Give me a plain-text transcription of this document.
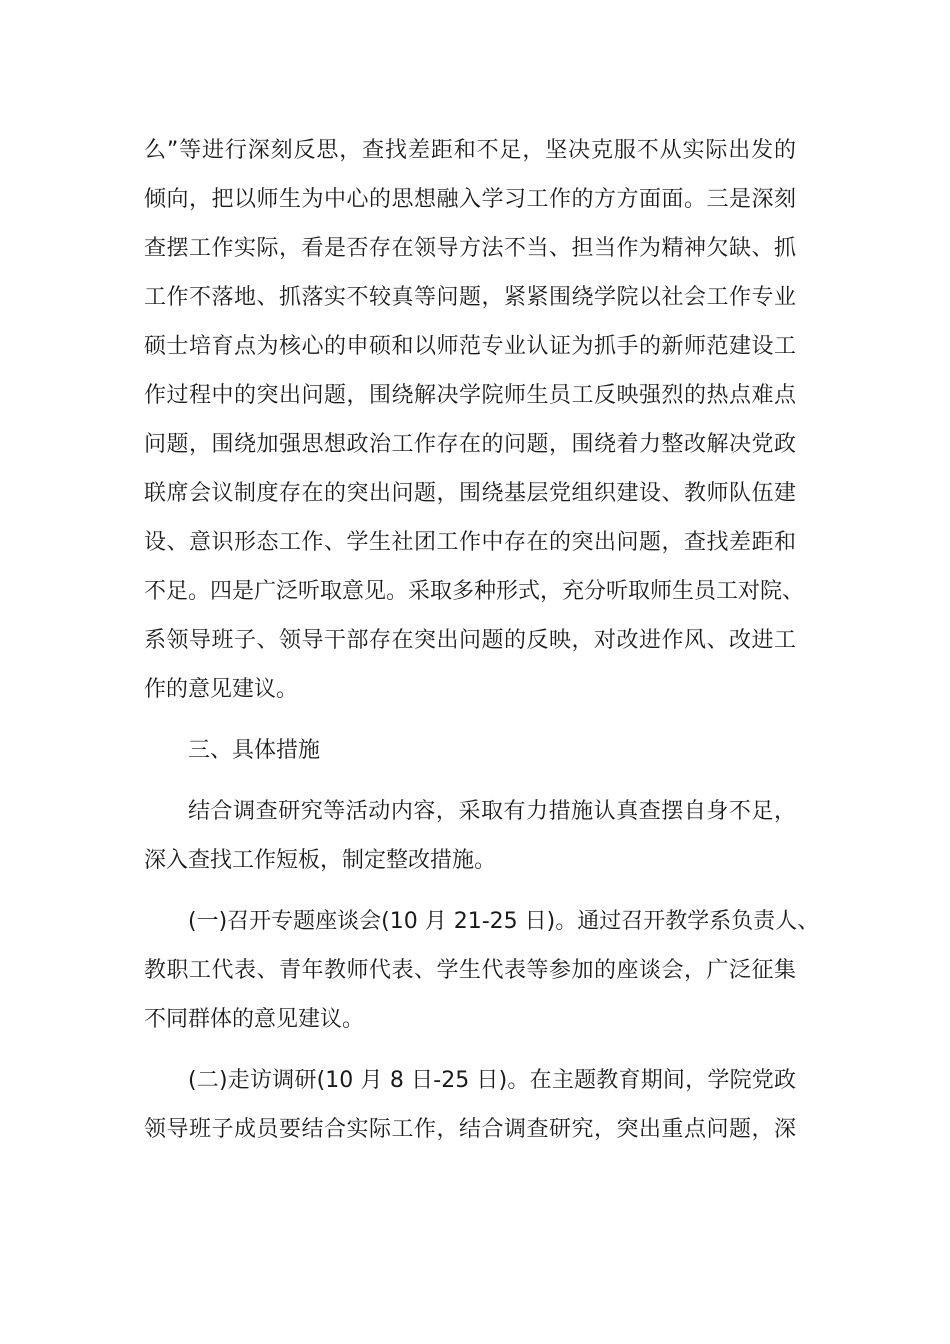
么”等进行深刻反思，查找差距和不足，坚决克服不从实际出发的
倾向，把以师生为中心的思想融入学习工作的方方面面。三是深刻
查摆工作实际，看是否存在领导方法不当、担当作为精神欠缺、抓
工作不落地、抓落实不较真等问题，紧紧围绕学院以社会工作专业
硕士培育点为核心的申硕和以师范专业认证为抓手的新师范建设工
作过程中的突出问题，围绕解决学院师生员工反映强烈的热点难点
问题，围绕加强思想政治工作存在的问题，围绕着力整改解决党政
联席会议制度存在的突出问题，围绕基层党组织建设、教师队伍建
设、意识形态工作、学生社团工作中存在的突出问题，查找差距和
不足。四是广泛听取意见。采取多种形式，充分听取师生员工对院、
系领导班子、领导干部存在突出问题的反映，对改进作风、改进工
作的意见建议。
三、具体措施
结合调查研究等活动内容，采取有力措施认真查摆自身不足，
深入查找工作短板，制定整改措施。
(一)召开专题座谈会(10 月 21-25 日)。通过召开教学系负责人、
教职工代表、青年教师代表、学生代表等参加的座谈会，广泛征集
不同群体的意见建议。
(二)走访调研(10 月 8 日-25 日)。在主题教育期间，学院党政
领导班子成员要结合实际工作，结合调查研究，突出重点问题，深
